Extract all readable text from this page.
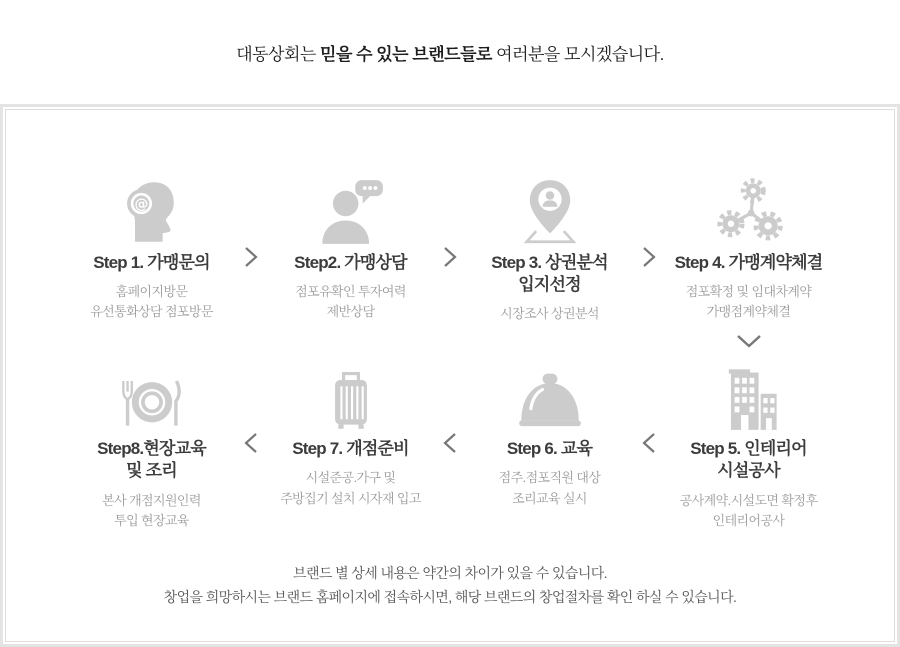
대동상회는 믿을 수 있는 브랜드들로 여러분을 모시겠습니다.
@
Step 1. 가맹문의
홈페이지방문
유선통화상담 점포방문
Step2. 가맹상담
점포유확인 투자여력
제반상담
Step 3. 상권분석
입지선정
시장조사 상권분석
Step 4. 가맹계약체결
점포확정 및 임대차계약
가맹점계약체결
Step8.현장교육
및 조리
본사 개점지원인력
투입 현장교육
Step 7. 개점준비
시설준공.가구 및
주방집기 설치 시자재 입고
Step 6. 교육
점주.점포직원 대상
조리교육 실시
Step 5. 인테리어
시설공사
공사계약.시설도면 확정후
인테리어공사
브랜드 별 상세 내용은 약간의 차이가 있을 수 있습니다.
창업을 희망하시는 브랜드 홈페이지에 접속하시면, 해당 브랜드의 창업절차를 확인 하실 수 있습니다.
